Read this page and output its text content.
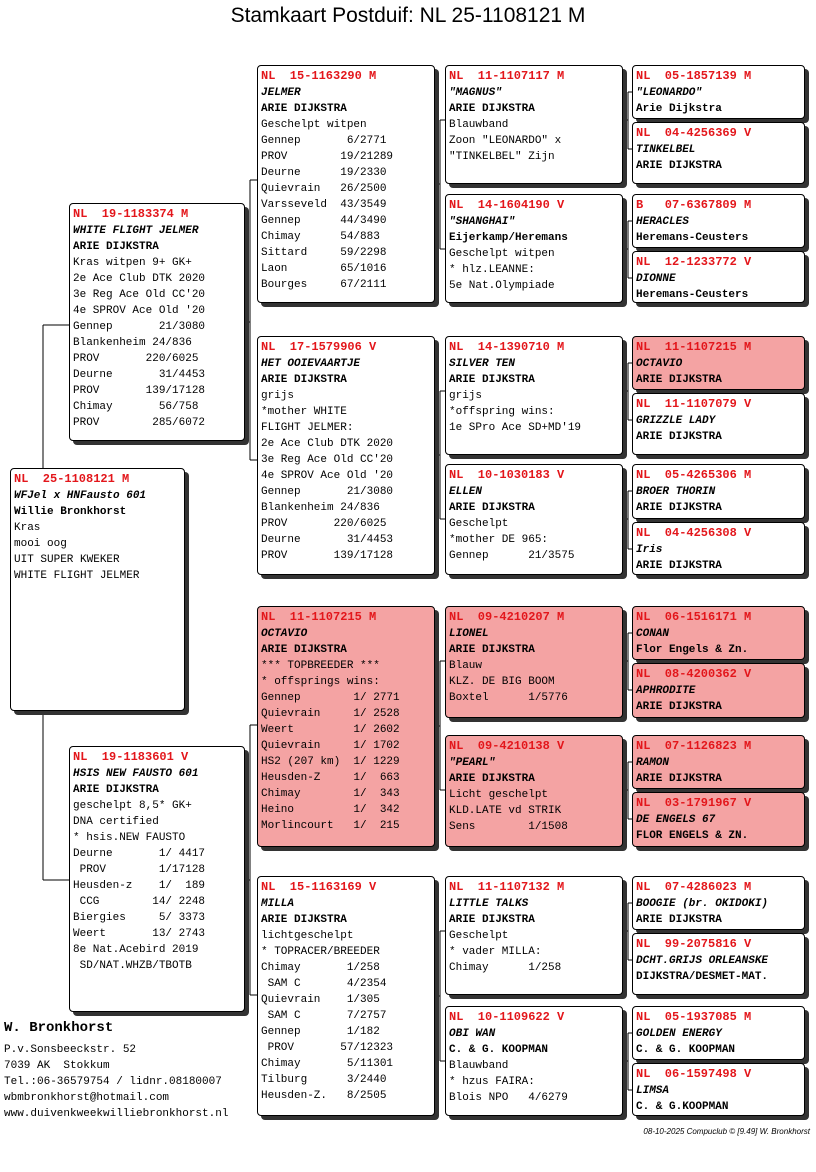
Stamkaart Postduif: NL 25-1108121 M
NL  25-1108121 M
WFJel x HNFausto 601
Willie Bronkhorst
Kras
mooi oog
UIT SUPER KWEKER
WHITE FLIGHT JELMER
NL  19-1183374 M
WHITE FLIGHT JELMER
ARIE DIJKSTRA
Kras witpen 9+ GK+
2e Ace Club DTK 2020
3e Reg Ace Old CC'20
4e SPROV Ace Old '20
Gennep       21/3080
Blankenheim 24/836
PROV       220/6025
Deurne       31/4453
PROV       139/17128
Chimay       56/758
PROV        285/6072
NL  19-1183601 V
HSIS NEW FAUSTO 601
ARIE DIJKSTRA
geschelpt 8,5* GK+
DNA certified
* hsis.NEW FAUSTO
Deurne       1/ 4417
PROV        1/17128
Heusden-z    1/  189
CCG        14/ 2248
Biergies     5/ 3373
Weert       13/ 2743
8e Nat.Acebird 2019
SD/NAT.WHZB/TBOTB
NL  15-1163290 M
JELMER
ARIE DIJKSTRA
Geschelpt witpen
Gennep       6/2771
PROV        19/21289
Deurne      19/2330
Quievrain   26/2500
Varsseveld  43/3549
Gennep      44/3490
Chimay      54/883
Sittard     59/2298
Laon        65/1016
Bourges     67/2111
NL  17-1579906 V
HET OOIEVAARTJE
ARIE DIJKSTRA
grijs
*mother WHITE
FLIGHT JELMER:
2e Ace Club DTK 2020
3e Reg Ace Old CC'20
4e SPROV Ace Old '20
Gennep       21/3080
Blankenheim 24/836
PROV       220/6025
Deurne       31/4453
PROV       139/17128
NL  11-1107215 M
OCTAVIO
ARIE DIJKSTRA
*** TOPBREEDER ***
* offsprings wins:
Gennep        1/ 2771
Quievrain     1/ 2528
Weert         1/ 2602
Quievrain     1/ 1702
HS2 (207 km)  1/ 1229
Heusden-Z     1/  663
Chimay        1/  343
Heino         1/  342
Morlincourt   1/  215
NL  15-1163169 V
MILLA
ARIE DIJKSTRA
lichtgeschelpt
* TOPRACER/BREEDER
Chimay       1/258
SAM C       4/2354
Quievrain    1/305
SAM C       7/2757
Gennep       1/182
PROV       57/12323
Chimay       5/11301
Tilburg      3/2440
Heusden-Z.   8/2505
NL  11-1107117 M
"MAGNUS"
ARIE DIJKSTRA
Blauwband
Zoon "LEONARDO" x
"TINKELBEL" Zijn
NL  14-1604190 V
"SHANGHAI"
Eijerkamp/Heremans
Geschelpt witpen
* hlz.LEANNE:
5e Nat.Olympiade
NL  14-1390710 M
SILVER TEN
ARIE DIJKSTRA
grijs
*offspring wins:
1e SPro Ace SD+MD'19
NL  10-1030183 V
ELLEN
ARIE DIJKSTRA
Geschelpt
*mother DE 965:
Gennep      21/3575
NL  09-4210207 M
LIONEL
ARIE DIJKSTRA
Blauw
KLZ. DE BIG BOOM
Boxtel      1/5776
NL  09-4210138 V
"PEARL"
ARIE DIJKSTRA
Licht geschelpt
KLD.LATE vd STRIK
Sens        1/1508
NL  11-1107132 M
LITTLE TALKS
ARIE DIJKSTRA
Geschelpt
* vader MILLA:
Chimay      1/258
NL  10-1109622 V
OBI WAN
C. & G. KOOPMAN
Blauwband
* hzus FAIRA:
Blois NPO   4/6279
NL  05-1857139 M
"LEONARDO"
Arie Dijkstra
NL  04-4256369 V
TINKELBEL
ARIE DIJKSTRA
B   07-6367809 M
HERACLES
Heremans-Ceusters
NL  12-1233772 V
DIONNE
Heremans-Ceusters
NL  11-1107215 M
OCTAVIO
ARIE DIJKSTRA
NL  11-1107079 V
GRIZZLE LADY
ARIE DIJKSTRA
NL  05-4265306 M
BROER THORIN
ARIE DIJKSTRA
NL  04-4256308 V
Iris
ARIE DIJKSTRA
NL  06-1516171 M
CONAN
Flor Engels & Zn.
NL  08-4200362 V
APHRODITE
ARIE DIJKSTRA
NL  07-1126823 M
RAMON
ARIE DIJKSTRA
NL  03-1791967 V
DE ENGELS 67
FLOR ENGELS & ZN.
NL  07-4286023 M
BOOGIE (br. OKIDOKI)
ARIE DIJKSTRA
NL  99-2075816 V
DCHT.GRIJS ORLEANSKE
DIJKSTRA/DESMET-MAT.
NL  05-1937085 M
GOLDEN ENERGY
C. & G. KOOPMAN
NL  06-1597498 V
LIMSA
C. & G.KOOPMAN
W. Bronkhorst
P.v.Sonsbeeckstr. 52
7039 AK  Stokkum
Tel.:06-36579754 / lidnr.08180007
wbmbronkhorst@hotmail.com
www.duivenkweekwilliebronkhorst.nl
08-10-2025 Compuclub © [9.49] W. Bronkhorst
